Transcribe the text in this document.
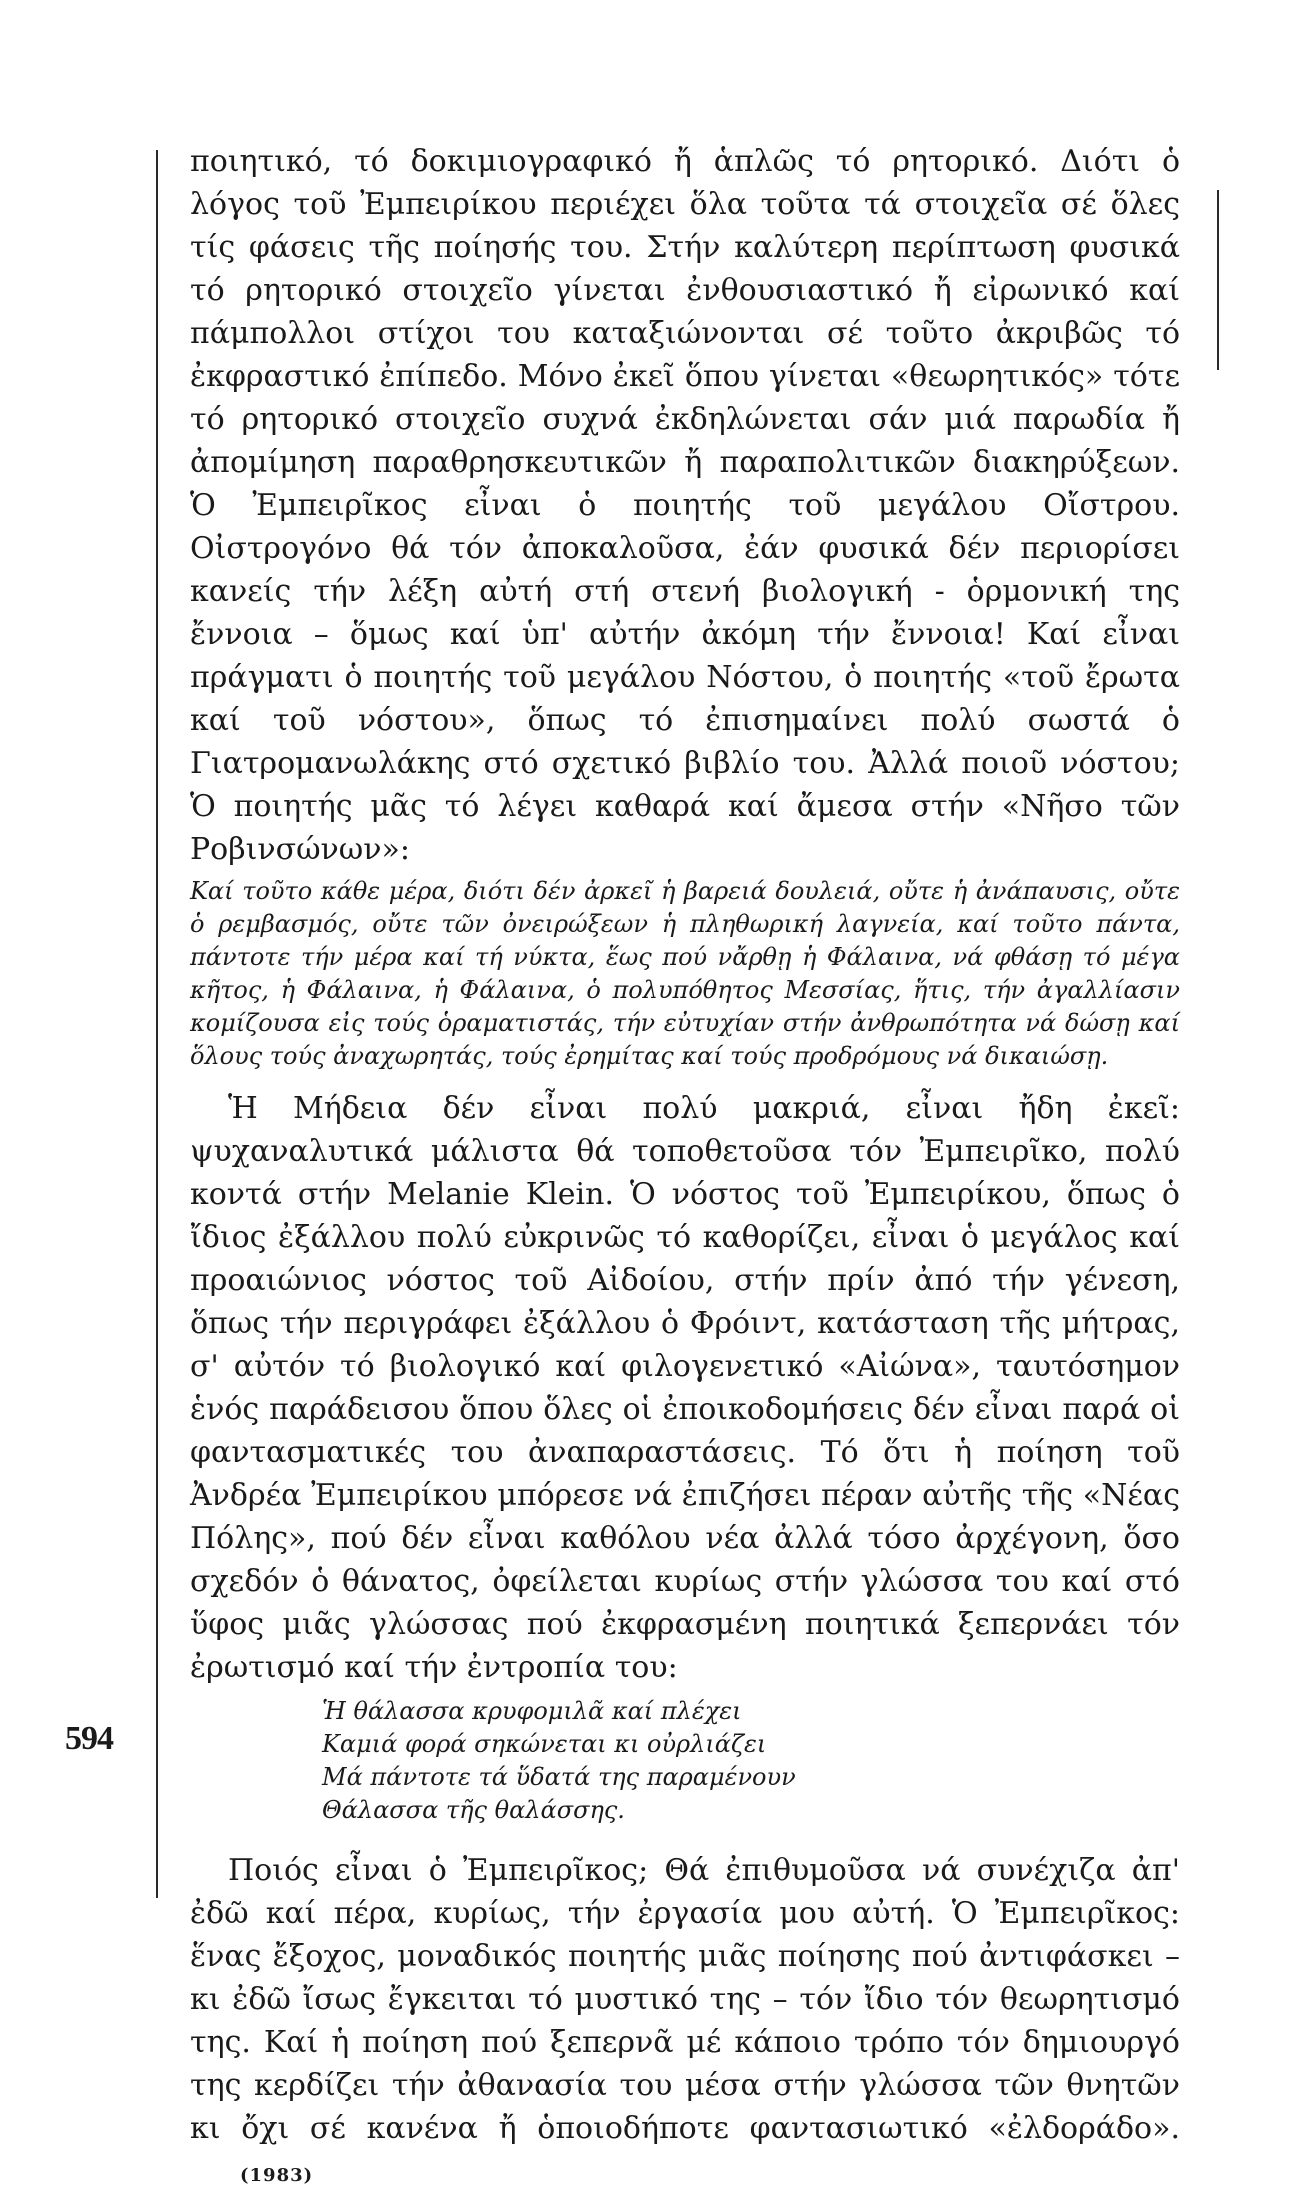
594

ποιητικό, τό δοκιμιογραφικό ἤ ἁπλῶς τό ρητορικό. Διότι ὁ λόγος τοῦ Ἐμπειρίκου περιέχει ὅλα τοῦτα τά στοιχεῖα σέ ὅλες τίς φάσεις τῆς ποίησής του. Στήν καλύτερη περίπτωση φυσικά τό ρητορικό στοιχεῖο γίνεται ἐνθουσιαστικό ἤ εἰρωνικό καί πάμπολλοι στίχοι του καταξιώνονται σέ τοῦτο ἀκριβῶς τό ἐκφραστικό ἐπίπεδο. Μόνο ἐκεῖ ὅπου γίνεται «θεωρητικός» τότε τό ρητορικό στοιχεῖο συχνά ἐκδηλώνεται σάν μιά παρωδία ἤ ἀπομίμηση παραθρησκευτικῶν ἤ παραπολιτικῶν διακηρύξεων. Ὁ Ἐμπειρῖκος εἶναι ὁ ποιητής τοῦ μεγάλου Οἴστρου. Οἰστρογόνο θά τόν ἀποκαλοῦσα, ἐάν φυσικά δέν περιορίσει κανείς τήν λέξη αὐτή στή στενή βιολογική - ὁρμονική της ἔννοια – ὅμως καί ὑπ' αὐτήν ἀκόμη τήν ἔννοια! Καί εἶναι πράγματι ὁ ποιητής τοῦ μεγάλου Νόστου, ὁ ποιητής «τοῦ ἔρωτα καί τοῦ νόστου», ὅπως τό ἐπισημαίνει πολύ σωστά ὁ Γιατρομανωλάκης στό σχετικό βιβλίο του. Ἀλλά ποιοῦ νόστου; Ὁ ποιητής μᾶς τό λέγει καθαρά καί ἄμεσα στήν «Νῆσο τῶν Ροβινσώνων»:

Καί τοῦτο κάθε μέρα, διότι δέν ἀρκεῖ ἡ βαρειά δουλειά, οὔτε ἡ ἀνάπαυσις, οὔτε ὁ ρεμβασμός, οὔτε τῶν ὀνειρώξεων ἡ πληθωρική λαγνεία, καί τοῦτο πάντα, πάντοτε τήν μέρα καί τή νύκτα, ἕως πού νἄρθῃ ἡ Φάλαινα, νά φθάσῃ τό μέγα κῆτος, ἡ Φάλαινα, ἡ Φάλαινα, ὁ πολυπόθητος Μεσσίας, ἥτις, τήν ἀγαλλίασιν κομίζουσα εἰς τούς ὁραματιστάς, τήν εὐτυχίαν στήν ἀνθρωπότητα νά δώσῃ καί ὅλους τούς ἀναχωρητάς, τούς ἐρημίτας καί τούς προδρόμους νά δικαιώσῃ.

Ἡ Μήδεια δέν εἶναι πολύ μακριά, εἶναι ἤδη ἐκεῖ: ψυχαναλυτικά μάλιστα θά τοποθετοῦσα τόν Ἐμπειρῖκο, πολύ κοντά στήν Melanie Klein. Ὁ νόστος τοῦ Ἐμπειρίκου, ὅπως ὁ ἴδιος ἐξάλλου πολύ εὐκρινῶς τό καθορίζει, εἶναι ὁ μεγάλος καί προαιώνιος νόστος τοῦ Αἰδοίου, στήν πρίν ἀπό τήν γένεση, ὅπως τήν περιγράφει ἐξάλλου ὁ Φρόιντ, κατάσταση τῆς μήτρας, σ' αὐτόν τό βιολογικό καί φιλογενετικό «Αἰώνα», ταυτόσημον ἑνός παράδεισου ὅπου ὅλες οἱ ἐποικοδομήσεις δέν εἶναι παρά οἱ φαντασματικές του ἀναπαραστάσεις. Τό ὅτι ἡ ποίηση τοῦ Ἀνδρέα Ἐμπειρίκου μπόρεσε νά ἐπιζήσει πέραν αὐτῆς τῆς «Νέας Πόλης», πού δέν εἶναι καθόλου νέα ἀλλά τόσο ἀρχέγονη, ὅσο σχεδόν ὁ θάνατος, ὀφείλεται κυρίως στήν γλώσσα του καί στό ὕφος μιᾶς γλώσσας πού ἐκφρασμένη ποιητικά ξεπερνάει τόν ἐρωτισμό καί τήν ἐντροπία του:

Ἡ θάλασσα κρυφομιλᾶ καί πλέχει
Καμιά φορά σηκώνεται κι οὐρλιάζει
Μά πάντοτε τά ὕδατά της παραμένουν
Θάλασσα τῆς θαλάσσης.

Ποιός εἶναι ὁ Ἐμπειρῖκος; Θά ἐπιθυμοῦσα νά συνέχιζα ἀπ' ἐδῶ καί πέρα, κυρίως, τήν ἐργασία μου αὐτή. Ὁ Ἐμπειρῖκος: ἕνας ἔξοχος, μοναδικός ποιητής μιᾶς ποίησης πού ἀντιφάσκει – κι ἐδῶ ἴσως ἔγκειται τό μυστικό της – τόν ἴδιο τόν θεωρητισμό της. Καί ἡ ποίηση πού ξεπερνᾶ μέ κάποιο τρόπο τόν δημιουργό της κερδίζει τήν ἀθανασία του μέσα στήν γλώσσα τῶν θνητῶν κι ὄχι σέ κανένα ἤ ὁποιοδήποτε φαντασιωτικό «ἐλδοράδο».(1983)
